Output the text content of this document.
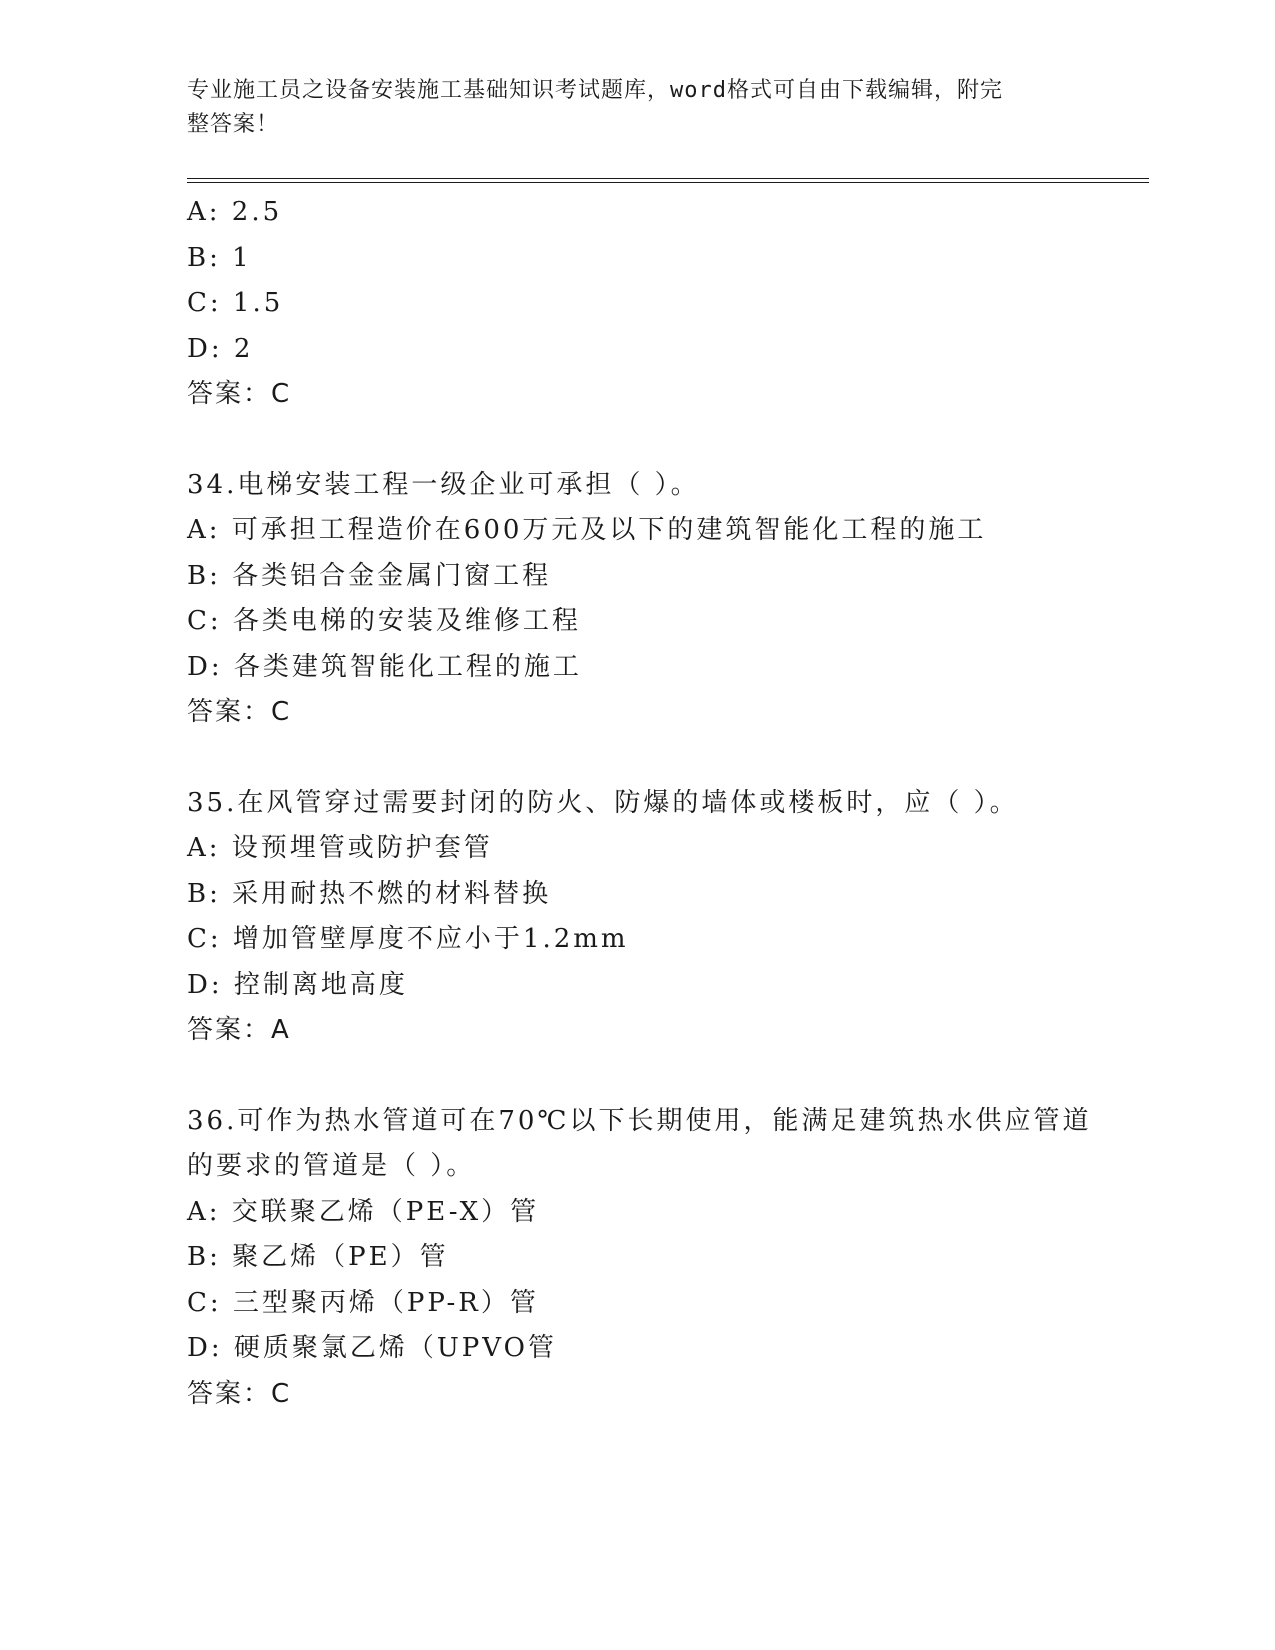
专业施工员之设备安装施工基础知识考试题库，word格式可自由下载编辑，附完
整答案！
A: 2.5
B: 1
C: 1.5
D: 2
答案：C
34.电梯安装工程一级企业可承担（ ）。
A: 可承担工程造价在600万元及以下的建筑智能化工程的施工
B: 各类铝合金金属门窗工程
C: 各类电梯的安装及维修工程
D: 各类建筑智能化工程的施工
答案：C
35.在风管穿过需要封闭的防火、防爆的墙体或楼板时，应（ ）。
A: 设预埋管或防护套管
B: 采用耐热不燃的材料替换
C: 增加管壁厚度不应小于1.2mm
D: 控制离地高度
答案：A
36.可作为热水管道可在70℃以下长期使用，能满足建筑热水供应管道
的要求的管道是（ ）。
A: 交联聚乙烯（PE-X）管
B: 聚乙烯（PE）管
C: 三型聚丙烯（PP-R）管
D: 硬质聚氯乙烯（UPVO管
答案：C
